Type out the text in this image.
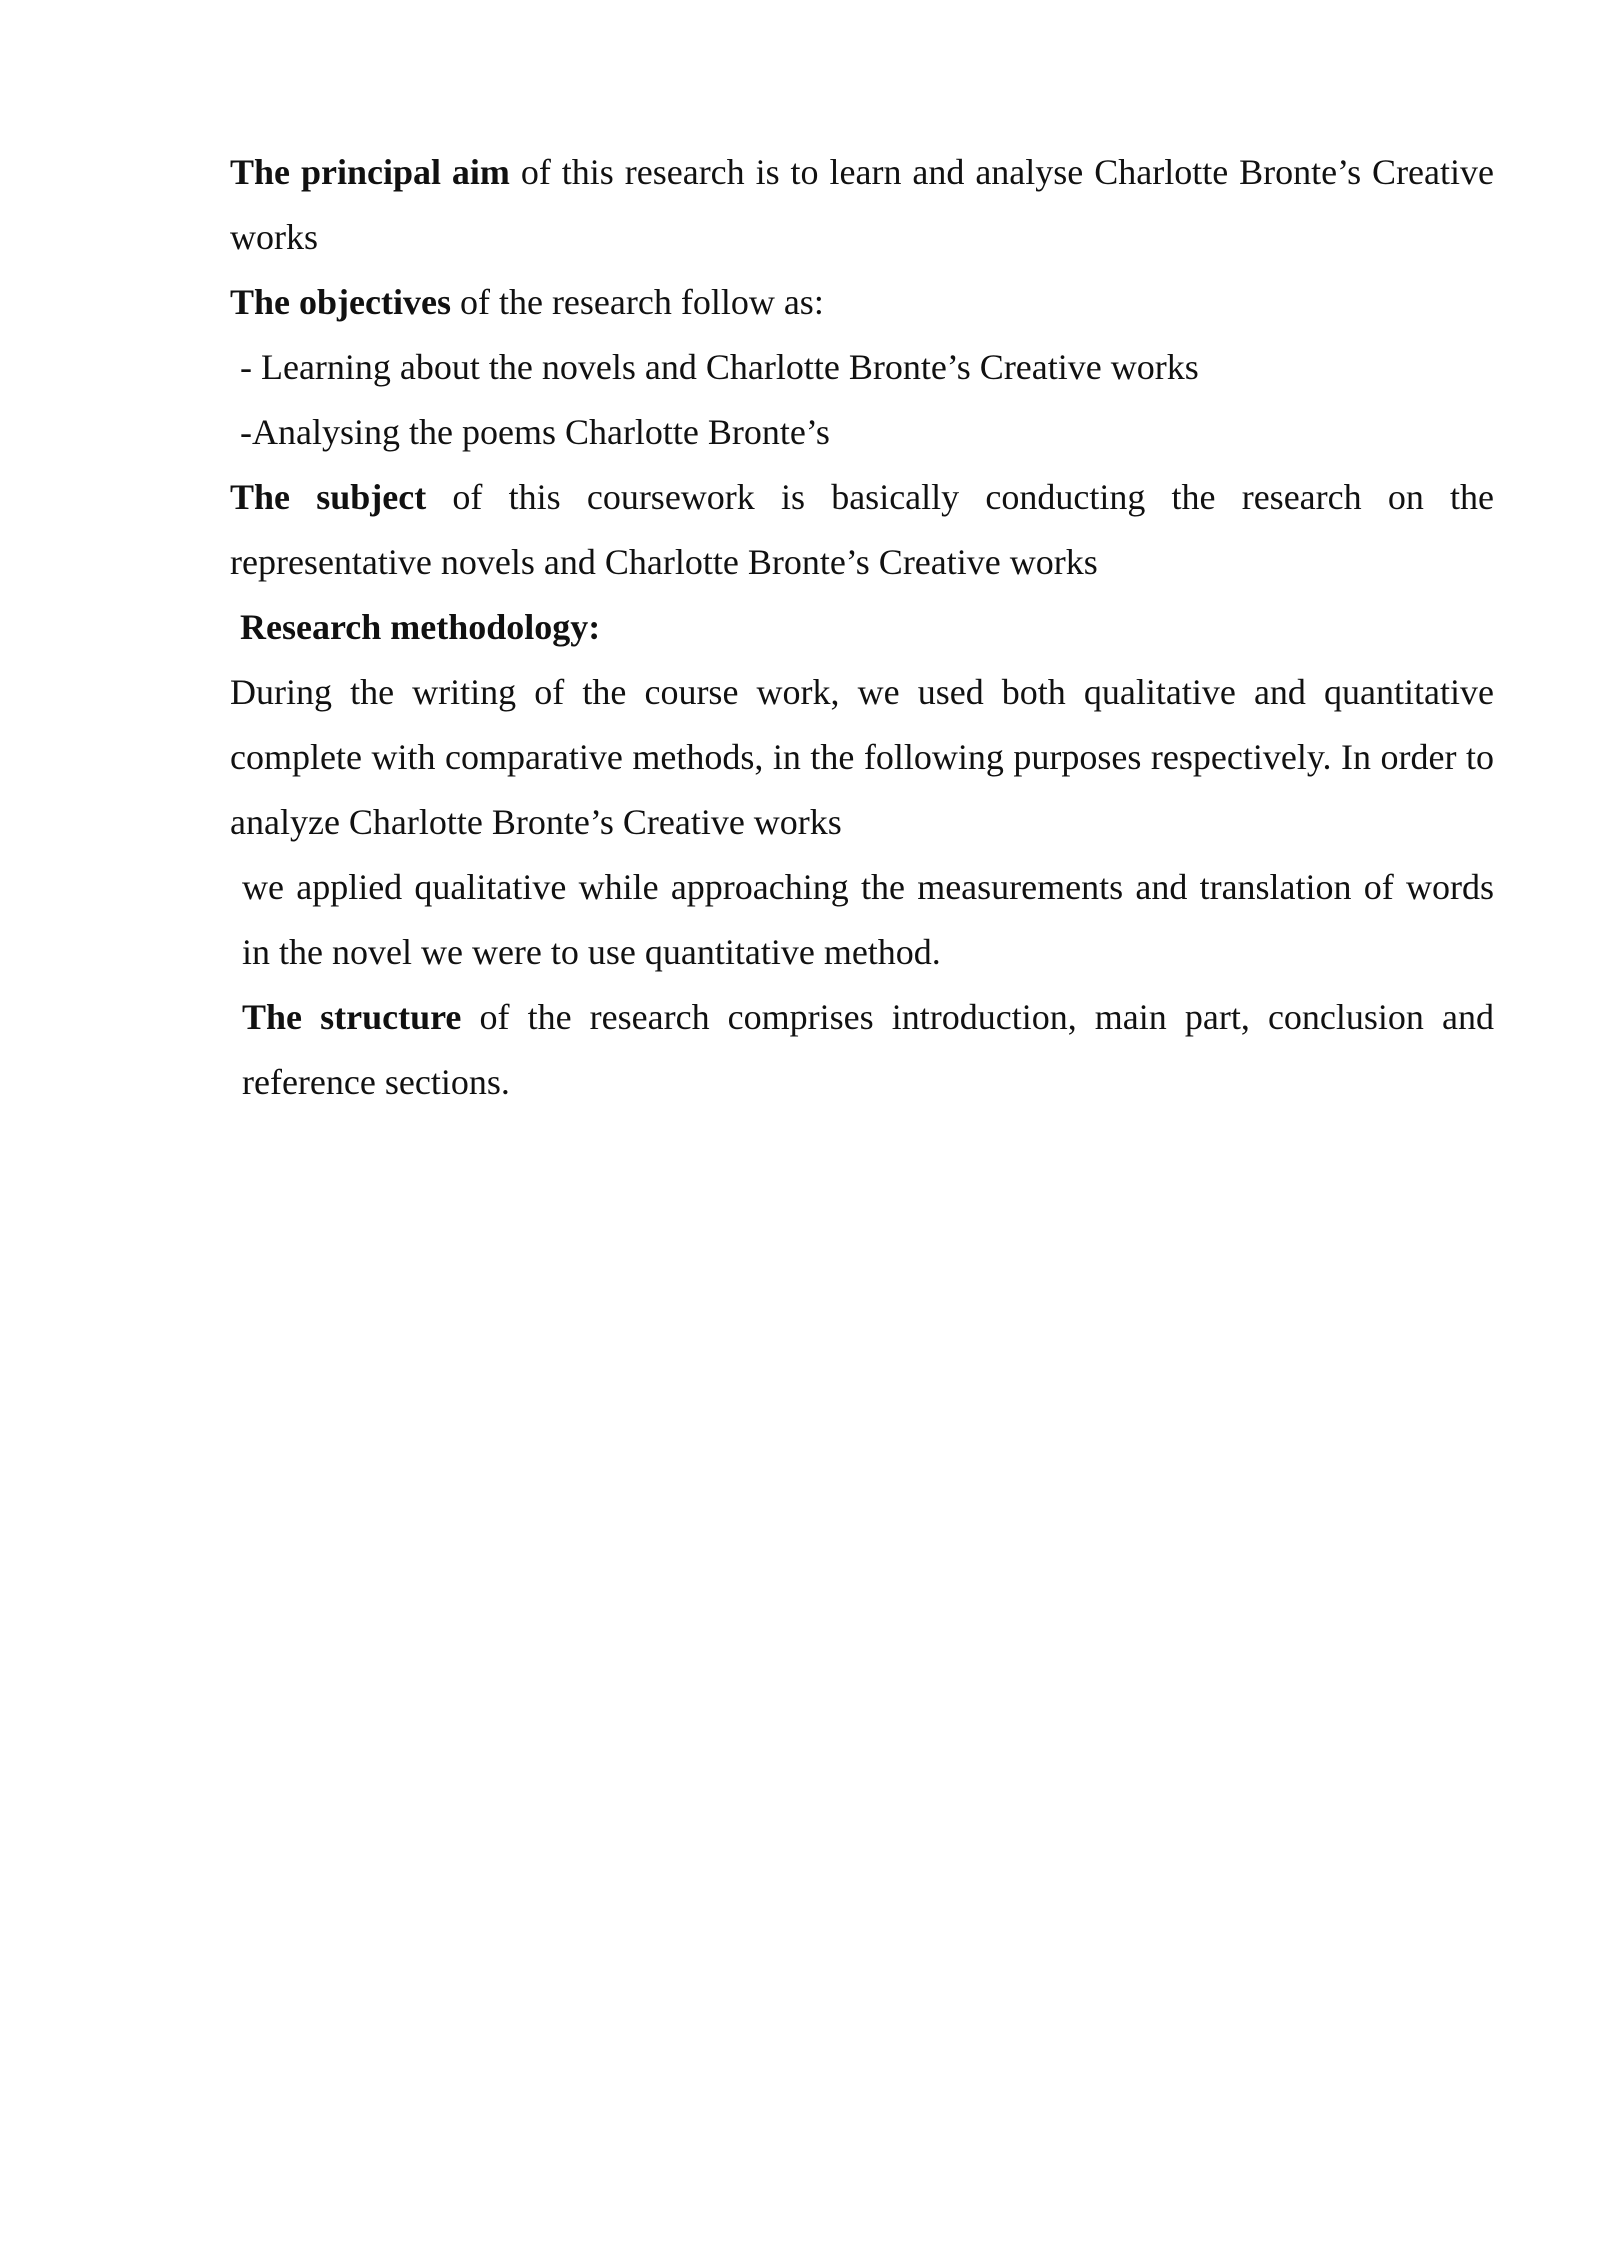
The principal aim of this research is to learn and analyse Charlotte Bronte’s Creative works

The objectives of the research follow as:

- Learning about the novels and Charlotte Bronte’s Creative works

-Analysing the poems Charlotte Bronte’s

The subject of this coursework is basically conducting the research on the representative novels and Charlotte Bronte’s Creative works

Research methodology:

During the writing of the course work, we used both qualitative and quantitative complete with comparative methods, in the following purposes respectively. In order to analyze Charlotte Bronte’s Creative works

we applied qualitative while approaching the measurements and translation of words in the novel we were to use quantitative method.

The structure of the research comprises introduction, main part, conclusion and reference sections.
